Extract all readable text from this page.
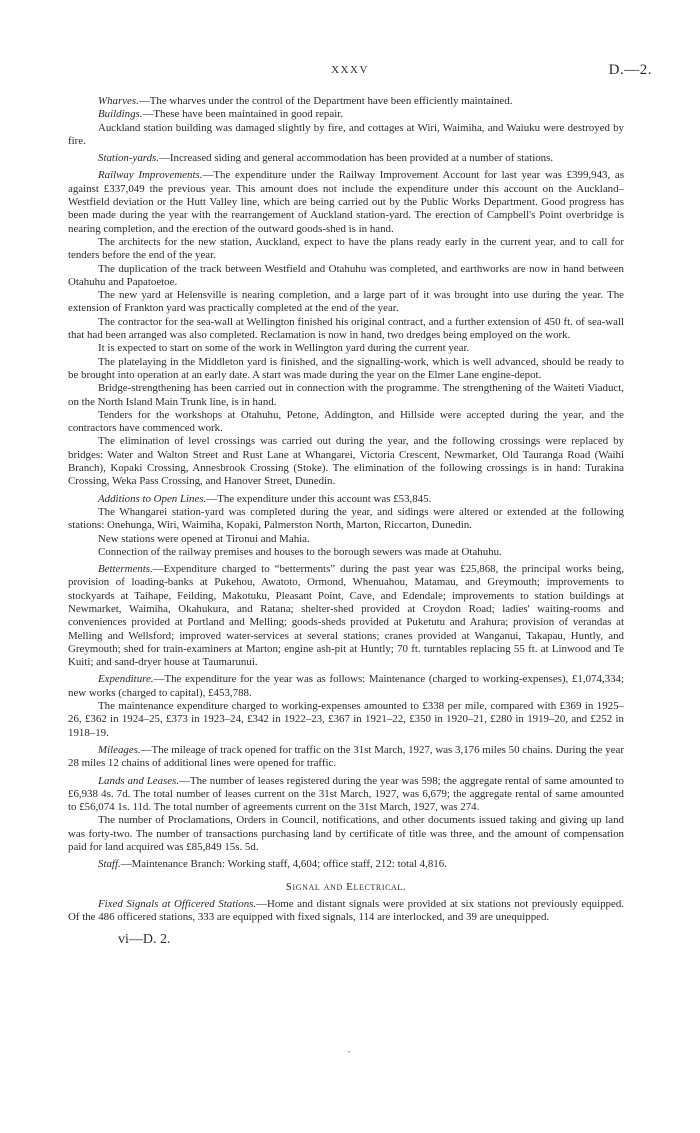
XXXV	D.—2.

Wharves.—The wharves under the control of the Department have been efficiently maintained.

Buildings.—These have been maintained in good repair.

Auckland station building was damaged slightly by fire, and cottages at Wiri, Waimiha, and Waiuku were destroyed by fire.

Station-yards.—Increased siding and general accommodation has been provided at a number of stations.

Railway Improvements.—The expenditure under the Railway Improvement Account for last year was £399,943, as against £337,049 the previous year. This amount does not include the expenditure under this account on the Auckland–Westfield deviation or the Hutt Valley line, which are being carried out by the Public Works Department. Good progress has been made during the year with the rearrangement of Auckland station-yard. The erection of Campbell's Point overbridge is nearing completion, and the erection of the outward goods-shed is in hand.

The architects for the new station, Auckland, expect to have the plans ready early in the current year, and to call for tenders before the end of the year.

The duplication of the track between Westfield and Otahuhu was completed, and earthworks are now in hand between Otahuhu and Papatoetoe.

The new yard at Helensville is nearing completion, and a large part of it was brought into use during the year. The extension of Frankton yard was practically completed at the end of the year.

The contractor for the sea-wall at Wellington finished his original contract, and a further extension of 450 ft. of sea-wall that had been arranged was also completed. Reclamation is now in hand, two dredges being employed on the work.

It is expected to start on some of the work in Wellington yard during the current year.

The platelaying in the Middleton yard is finished, and the signalling-work, which is well advanced, should be ready to be brought into operation at an early date. A start was made during the year on the Elmer Lane engine-depot.

Bridge-strengthening has been carried out in connection with the programme. The strengthening of the Waiteti Viaduct, on the North Island Main Trunk line, is in hand.

Tenders for the workshops at Otahuhu, Petone, Addington, and Hillside were accepted during the year, and the contractors have commenced work.

The elimination of level crossings was carried out during the year, and the following crossings were replaced by bridges: Water and Walton Street and Rust Lane at Whangarei, Victoria Crescent, Newmarket, Old Tauranga Road (Waihi Branch), Kopaki Crossing, Annesbrook Crossing (Stoke). The elimination of the following crossings is in hand: Turakina Crossing, Weka Pass Crossing, and Hanover Street, Dunedin.

Additions to Open Lines.—The expenditure under this account was £53,845.

The Whangarei station-yard was completed during the year, and sidings were altered or extended at the following stations: Onehunga, Wiri, Waimiha, Kopaki, Palmerston North, Marton, Riccarton, Dunedin.

New stations were opened at Tironui and Mahia.

Connection of the railway premises and houses to the borough sewers was made at Otahuhu.

Betterments.—Expenditure charged to “betterments” during the past year was £25,868, the principal works being, provision of loading-banks at Pukehou, Awatoto, Ormond, Whenuahou, Matamau, and Greymouth; improvements to stockyards at Taihape, Feilding, Makotuku, Pleasant Point, Cave, and Edendale; improvements to station buildings at Newmarket, Waimiha, Okahukura, and Ratana; shelter-shed provided at Croydon Road; ladies' waiting-rooms and conveniences provided at Portland and Melling; goods-sheds provided at Puketutu and Arahura; provision of verandas at Melling and Wellsford; improved water-services at several stations; cranes provided at Wanganui, Takapau, Huntly, and Greymouth; shed for train-examiners at Marton; engine ash-pit at Huntly; 70 ft. turntables replacing 55 ft. at Linwood and Te Kuiti; and sand-dryer house at Taumarunui.

Expenditure.—The expenditure for the year was as follows: Maintenance (charged to working-expenses), £1,074,334; new works (charged to capital), £453,788.

The maintenance expenditure charged to working-expenses amounted to £338 per mile, compared with £369 in 1925–26, £362 in 1924–25, £373 in 1923–24, £342 in 1922–23, £367 in 1921–22, £350 in 1920–21, £280 in 1919–20, and £252 in 1918–19.

Mileages.—The mileage of track opened for traffic on the 31st March, 1927, was 3,176 miles 50 chains. During the year 28 miles 12 chains of additional lines were opened for traffic.

Lands and Leases.—The number of leases registered during the year was 598; the aggregate rental of same amounted to £6,938 4s. 7d. The total number of leases current on the 31st March, 1927, was 6,679; the aggregate rental of same amounted to £56,074 1s. 11d. The total number of agreements current on the 31st March, 1927, was 274.

The number of Proclamations, Orders in Council, notifications, and other documents issued taking and giving up land was forty-two. The number of transactions purchasing land by certificate of title was three, and the amount of compensation paid for land acquired was £85,849 15s. 5d.

Staff.—Maintenance Branch: Working staff, 4,604; office staff, 212: total 4,816.

Signal and Electrical.

Fixed Signals at Officered Stations.—Home and distant signals were provided at six stations not previously equipped. Of the 486 officered stations, 333 are equipped with fixed signals, 114 are interlocked, and 39 are unequipped.

vi—D. 2.

•
